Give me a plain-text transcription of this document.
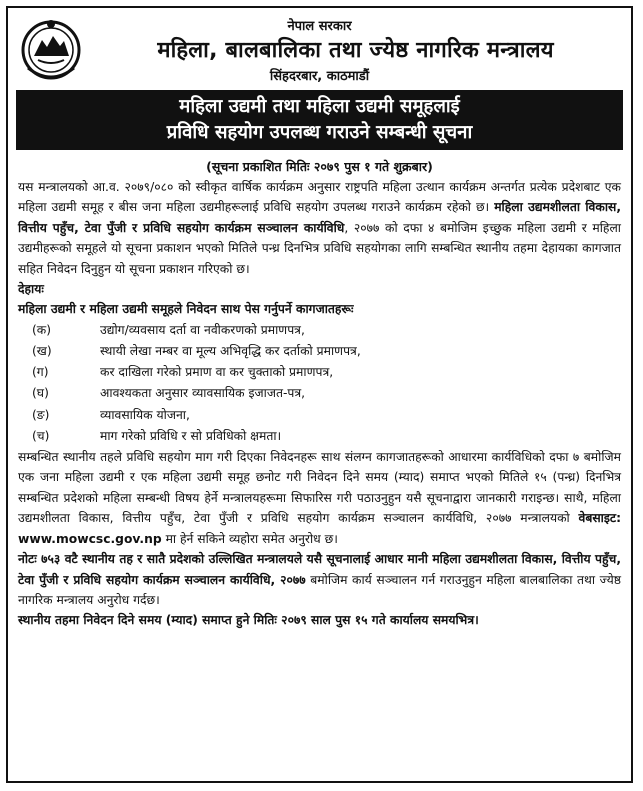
नेपाल सरकार
महिला, बालबालिका तथा ज्येष्ठ नागरिक मन्त्रालय
सिंहदरबार, काठमाडौं
महिला उद्यमी तथा महिला उद्यमी समूहलाई
प्रविधि सहयोग उपलब्ध गराउने सम्बन्धी सूचना
(सूचना प्रकाशित मितिः २०७९ पुस १ गते शुक्रबार)

यस मन्त्रालयको आ.व. २०७९/०८० को स्वीकृत वार्षिक कार्यक्रम अनुसार राष्ट्रपति महिला उत्थान कार्यक्रम अन्तर्गत प्रत्येक प्रदेशबाट एक महिला उद्यमी समूह र बीस जना महिला उद्यमीहरूलाई प्रविधि सहयोग उपलब्ध गराउने कार्यक्रम रहेको छ। महिला उद्यमशीलता विकास, वित्तीय पहुँच, टेवा पुँजी र प्रविधि सहयोग कार्यक्रम सञ्चालन कार्यविधि, २०७७ को दफा ४ बमोजिम इच्छुक महिला उद्यमी र महिला उद्यमीहरूको समूहले यो सूचना प्रकाशन भएको मितिले पन्ध्र दिनभित्र प्रविधि सहयोगका लागि सम्बन्धित स्थानीय तहमा देहायका कागजात सहित निवेदन दिनुहुन यो सूचना प्रकाशन गरिएको छ।

देहायः

महिला उद्यमी र महिला उद्यमी समूहले निवेदन साथ पेस गर्नुपर्ने कागजातहरूः

(क)	उद्योग/व्यवसाय दर्ता वा नवीकरणको प्रमाणपत्र,
(ख)	स्थायी लेखा नम्बर वा मूल्य अभिवृद्धि कर दर्ताको प्रमाणपत्र,
(ग)	कर दाखिला गरेको प्रमाण वा कर चुक्ताको प्रमाणपत्र,
(घ)	आवश्यकता अनुसार व्यावसायिक इजाजत-पत्र,
(ङ)	व्यावसायिक योजना,
(च)	माग गरेको प्रविधि र सो प्रविधिको क्षमता।

सम्बन्धित स्थानीय तहले प्रविधि सहयोग माग गरी दिएका निवेदनहरू साथ संलग्न कागजातहरूको आधारमा कार्यविधिको दफा ७ बमोजिम एक जना महिला उद्यमी र एक महिला उद्यमी समूह छनोट गरी निवेदन दिने समय (म्याद) समाप्त भएको मितिले १५ (पन्ध्र) दिनभित्र सम्बन्धित प्रदेशको महिला सम्बन्धी विषय हेर्ने मन्त्रालयहरूमा सिफारिस गरी पठाउनुहुन यसै सूचनाद्वारा जानकारी गराइन्छ। साथै, महिला उद्यमशीलता विकास, वित्तीय पहुँच, टेवा पुँजी र प्रविधि सहयोग कार्यक्रम सञ्चालन कार्यविधि, २०७७ मन्त्रालयको वेबसाइट: www.mowcsc.gov.np मा हेर्न सकिने व्यहोरा समेत अनुरोध छ।

नोटः ७५३ वटै स्थानीय तह र सातै प्रदेशको उल्लिखित मन्त्रालयले यसै सूचनालाई आधार मानी महिला उद्यमशीलता विकास, वित्तीय पहुँच, टेवा पुँजी र प्रविधि सहयोग कार्यक्रम सञ्चालन कार्यविधि, २०७७ बमोजिम कार्य सञ्चालन गर्न गराउनुहुन महिला बालबालिका तथा ज्येष्ठ नागरिक मन्त्रालय अनुरोध गर्दछ।

स्थानीय तहमा निवेदन दिने समय (म्याद) समाप्त हुने मितिः २०७९ साल पुस १५ गते कार्यालय समयभित्र।
